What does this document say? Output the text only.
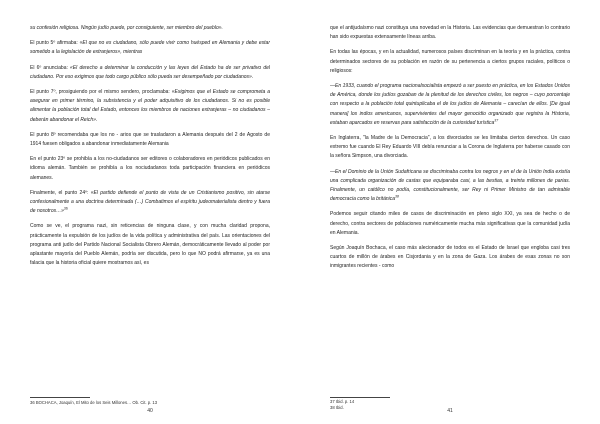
su confesión religiosa. Ningún judío puede, por consiguiente, ser miembro del pueblo».

El punto 5º afirmaba: «El que no es ciudadano, sólo puede vivir como huésped en Alemania y debe estar sometido a la legislación de extranjeros», mientras

El 6º anunciaba: «El derecho a determinar la conducción y las leyes del Estado ha de ser privativo del ciudadano. Por eso exigimos que todo cargo público sólo pueda ser desempeñado por ciudadanos».

El punto 7º, prosiguiendo por el mismo sendero, proclamaba: «Exigimos que el Estado se comprometa a asegurar en primer término, la subsistencia y el poder adquisitivo de los ciudadanos. Si no es posible alimentar la población total del Estado, entonces los miembros de naciones extranjeras – no ciudadanos – deberán abandonar el Reich».

El punto 8º recomendaba que los no - arios que se trasladaron a Alemania después del 2 de Agosto de 1914 fuesen obligados a abandonar inmediatamente Alemania

En el punto 23º se prohibía a los no-ciudadanos ser editores o colaboradores en periódicos publicados en idioma alemán. También se prohibía a los nociudadanos toda participación financiera en periódicos alemanes.

Finalmente, el punto 24º: «El partido defiende el punto de vista de un Cristianismo positivo, sin atarse confesionalmente a una doctrina determinada (…) Combatimos el espíritu judeomaterialista dentro y fuera de nosotros…»$^{36}$

Como se ve, el programa nazi, sin reticencias de ninguna clase, y con mucha claridad propona, prácticamente la expulsión de los judíos de la vida política y administrativa del país. Las orientaciones del programa anti judío del Partido Nacional Socialista Obrero Alemán, democráticamente llevado al poder por aplastante mayoría del Pueblo Alemán, podría ser discutida, pero lo que NO podrá afirmarse, ya es una falacia que la historia oficial quiere mostrarnos así, es

36 BOCHACA, Joaquín, El Mito de los Seis Millones… Ob. Cit. p. 13
40

que el antijudaísmo nazi constituya una novedad en la Historia. Las evidencias que demuestran lo contrario han sido expuestas extensamente líneas arriba.

En todas las épocas, y en la actualidad, numerosos países discriminan en la teoría y en la práctica, contra determinados sectores de su población en razón de su pertenencia a ciertos grupos raciales, políticos o religiosos:

—En 1933, cuando el programa nacionalsocialista empezó a ser puesto en práctica, en los Estados Unidos de América, donde los judíos gozaban de la plenitud de los derechos civiles, los negros – cuyo porcentaje con respecto a la población total quintuplicaba el de los judíos de Alemania – carecían de ellos. [De igual manera] los indios americanos, supervivientes del mayor genocidio organizado que registra la Historia, estaban aparcados en reservas para satisfacción de la curiosidad turística$^{37}$

En Inglaterra, "la Madre de la Democracia", a los divorciados se les limitaba ciertos derechos. Un caso extremo fue cuando El Rey Eduardo VIII debía renunciar a la Corona de Inglaterra por haberse casado con la señora Simpson, una divorciada.

—En el Dominio de la Unión Sudafricana se discriminaba contra los negros y en el de la Unión India existía una complicada organización de castas que equiparaba casi, a las bestias, a treinta millones de parias. Finalmente, un católico no podía, constitucionalmente, ser Rey ni Primer Ministro de tan admirable democracia como la británica$^{38}$

Podemos seguir citando miles de casos de discriminación en pleno siglo XXI, ya sea de hecho o de derecho, contra sectores de poblaciones numéricamente mucha más significativas que la comunidad judía en Alemania.

Según Joaquín Bochaca, el caso más alecionador de todos es el Estado de Israel que engloba casi tres cuartos de millón de árabes en Cisjordania y en la zona de Gaza. Los árabes de esas zonas no son inmigrantes recientes - como

37 Ibid. p. 14
38 Ibid.
41
